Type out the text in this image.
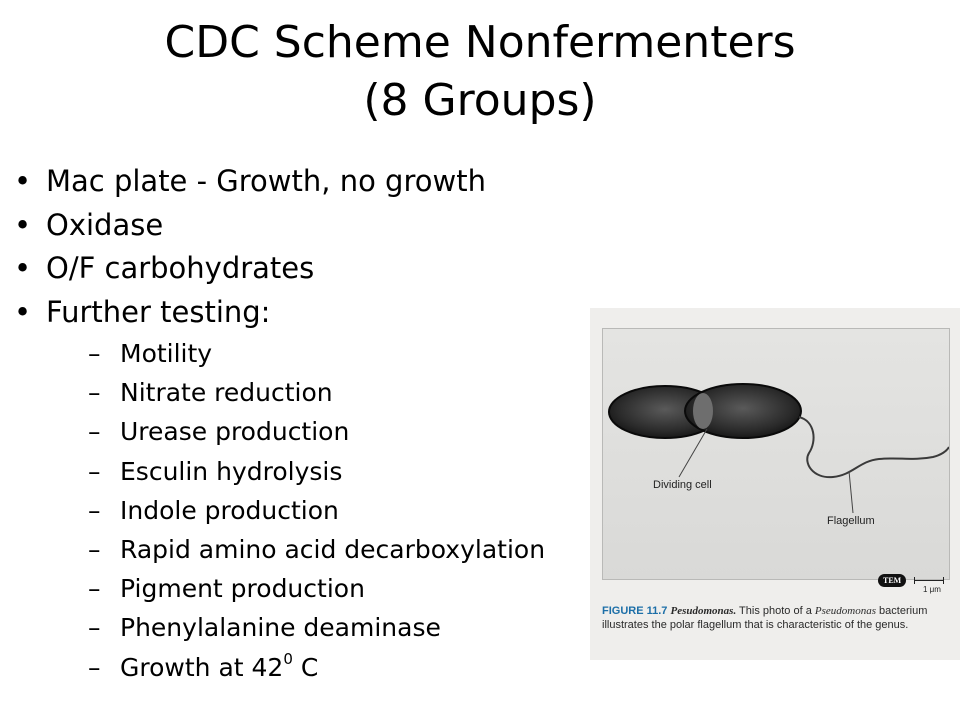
CDC Scheme Nonfermenters
(8 Groups)
• Mac plate - Growth, no growth
• Oxidase
• O/F carbohydrates
• Further testing:
– Motility
– Nitrate reduction
– Urease production
– Esculin hydrolysis
– Indole production
– Rapid amino acid decarboxylation
– Pigment production
– Phenylalanine deaminase
– Growth at $42^0$ C
Dividing cell
Flagellum
TEM
1 μm
FIGURE 11.7 Pesudomonas. This photo of a Pseudomonas bacterium illustrates the polar flagellum that is characteristic of the genus.
